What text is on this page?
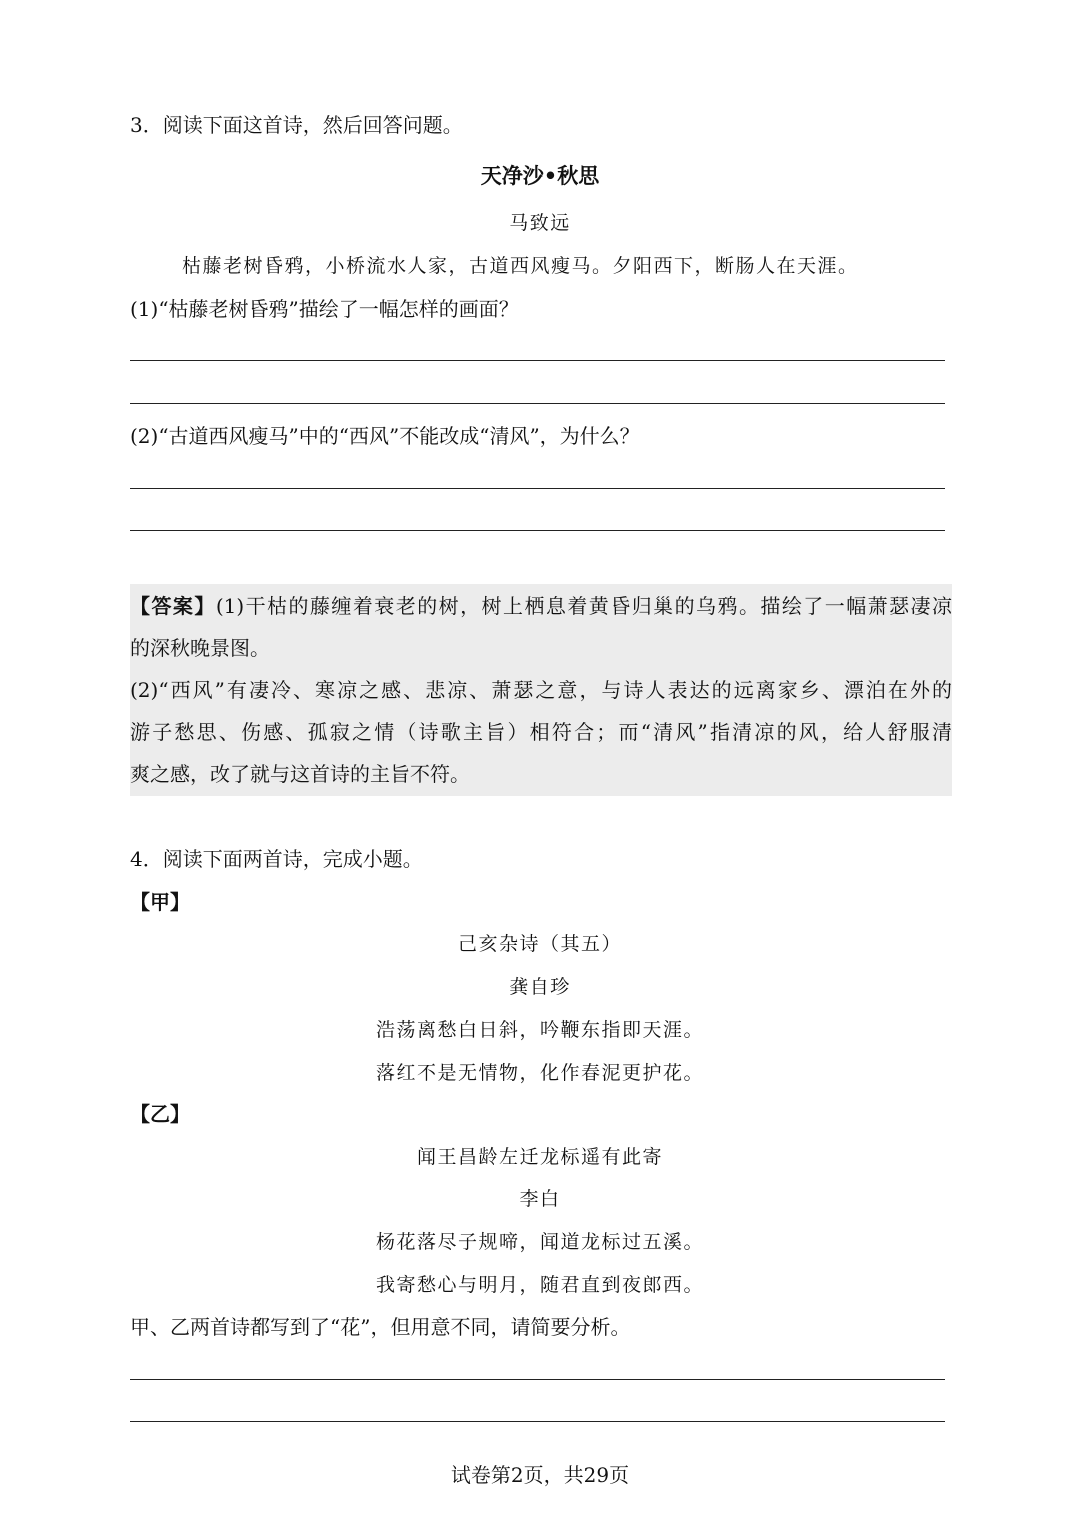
3．阅读下面这首诗，然后回答问题。
天净沙•秋思
马致远
枯藤老树昏鸦，小桥流水人家，古道西风瘦马。夕阳西下，断肠人在天涯。
(1)“枯藤老树昏鸦”描绘了一幅怎样的画面？
(2)“古道西风瘦马”中的“西风”不能改成“清风”，为什么？
【答案】(1)干枯的藤缠着衰老的树，树上栖息着黄昏归巢的乌鸦。描绘了一幅萧瑟凄凉
的深秋晚景图。
(2)“西风”有凄冷、寒凉之感、悲凉、萧瑟之意，与诗人表达的远离家乡、漂泊在外的
游子愁思、伤感、孤寂之情（诗歌主旨）相符合；而“清风”指清凉的风，给人舒服清
爽之感，改了就与这首诗的主旨不符。
4．阅读下面两首诗，完成小题。
【甲】
己亥杂诗（其五）
龚自珍
浩荡离愁白日斜，吟鞭东指即天涯。
落红不是无情物，化作春泥更护花。
【乙】
闻王昌龄左迁龙标遥有此寄
李白
杨花落尽子规啼，闻道龙标过五溪。
我寄愁心与明月，随君直到夜郎西。
甲、乙两首诗都写到了“花”，但用意不同，请简要分析。
试卷第2页，共29页
